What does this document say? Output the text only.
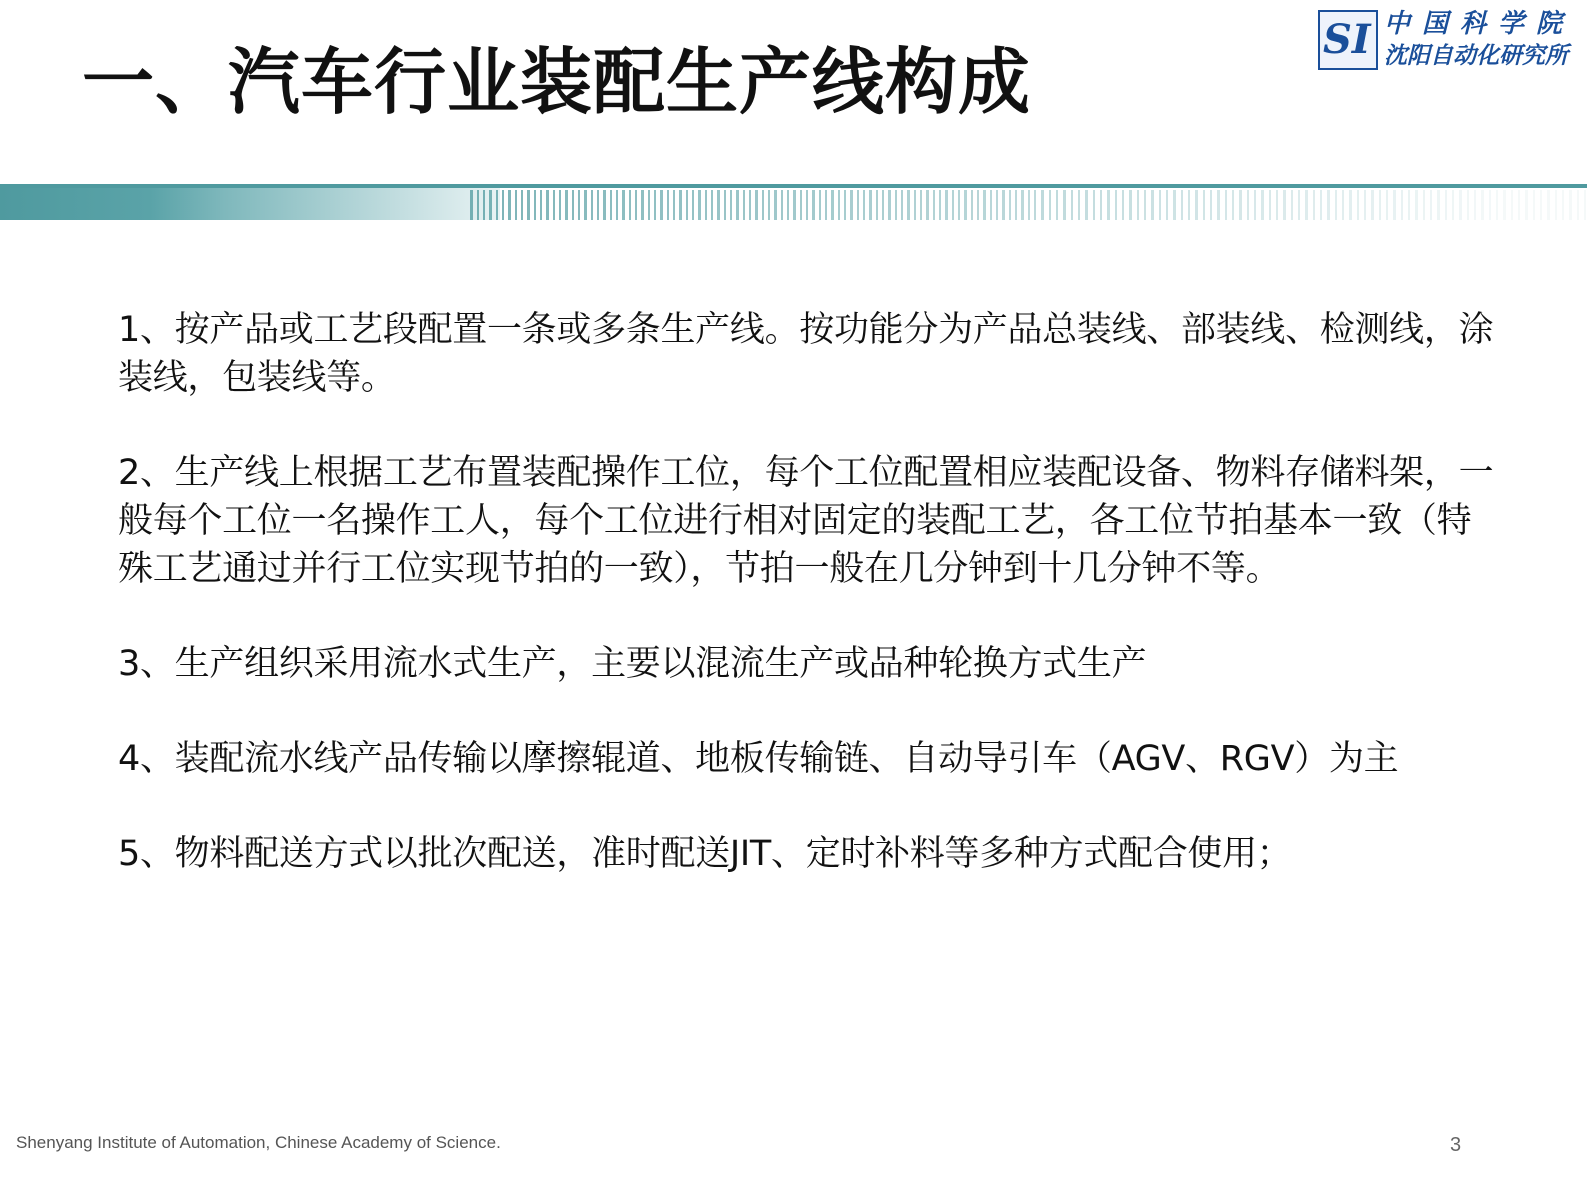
一、汽车行业装配生产线构成
SI 中国科学院
沈阳自动化研究所

1、按产品或工艺段配置一条或多条生产线。按功能分为产品总装线、部装线、检测线，涂装线，包装线等。

2、生产线上根据工艺布置装配操作工位，每个工位配置相应装配设备、物料存储料架，一般每个工位一名操作工人，每个工位进行相对固定的装配工艺，各工位节拍基本一致（特殊工艺通过并行工位实现节拍的一致），节拍一般在几分钟到十几分钟不等。

3、生产组织采用流水式生产，主要以混流生产或品种轮换方式生产

4、装配流水线产品传输以摩擦辊道、地板传输链、自动导引车（AGV、RGV）为主

5、物料配送方式以批次配送，准时配送JIT、定时补料等多种方式配合使用；

Shenyang Institute of Automation, Chinese Academy of Science.	3
